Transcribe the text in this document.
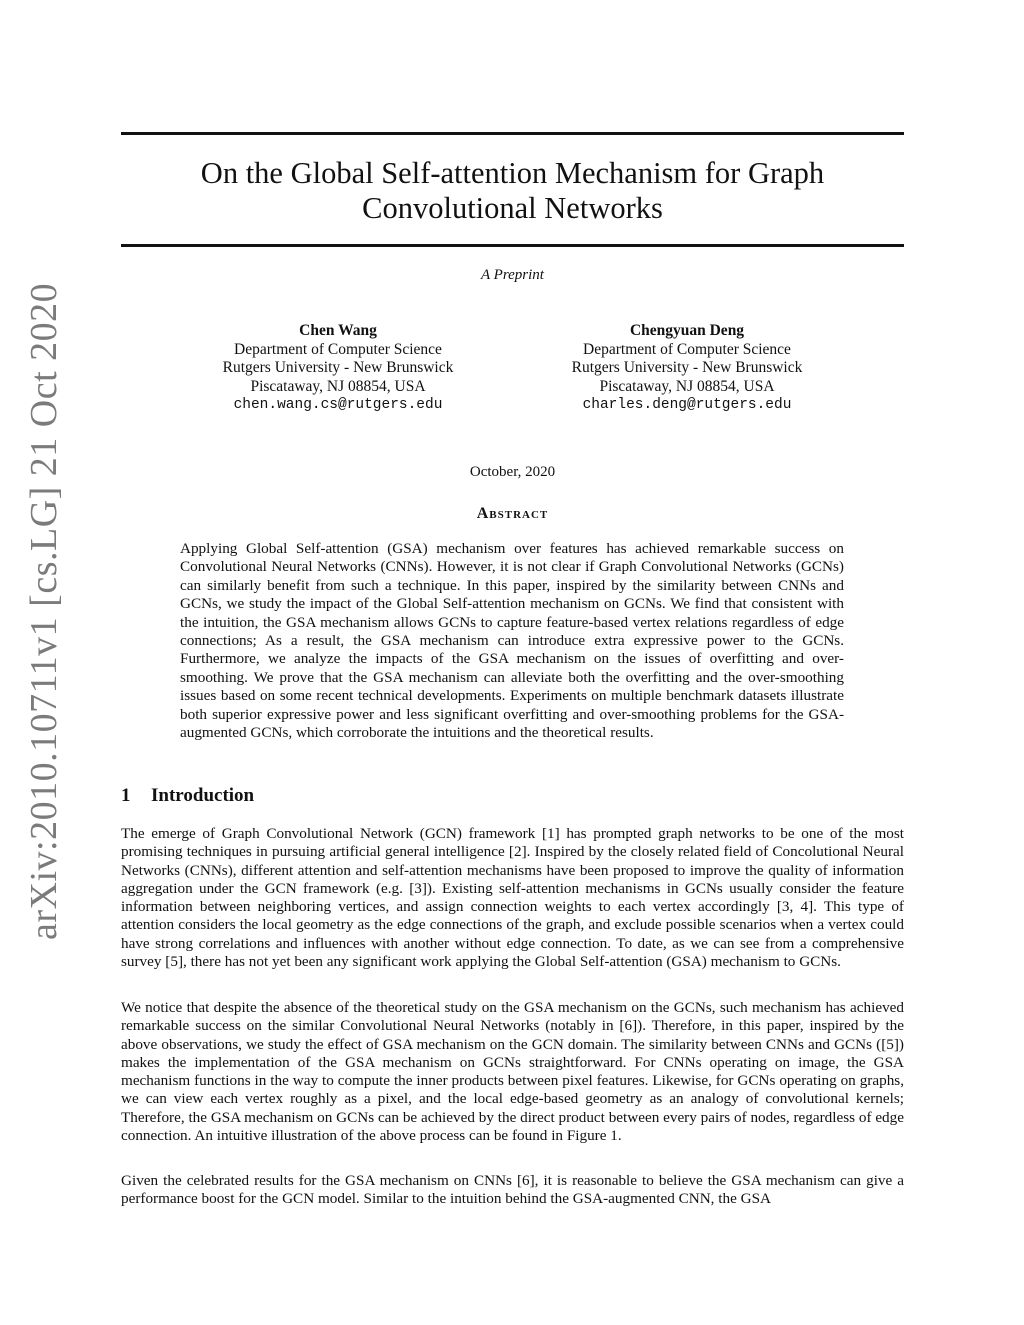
arXiv:2010.10711v1 [cs.LG] 21 Oct 2020
On the Global Self-attention Mechanism for Graph Convolutional Networks
A Preprint
Chen Wang
Department of Computer Science
Rutgers University - New Brunswick
Piscataway, NJ 08854, USA
chen.wang.cs@rutgers.edu
Chengyuan Deng
Department of Computer Science
Rutgers University - New Brunswick
Piscataway, NJ 08854, USA
charles.deng@rutgers.edu
October, 2020
Abstract
Applying Global Self-attention (GSA) mechanism over features has achieved remarkable success on Convolutional Neural Networks (CNNs). However, it is not clear if Graph Convolutional Networks (GCNs) can similarly benefit from such a technique. In this paper, inspired by the similarity between CNNs and GCNs, we study the impact of the Global Self-attention mechanism on GCNs. We find that consistent with the intuition, the GSA mechanism allows GCNs to capture feature-based vertex relations regardless of edge connections; As a result, the GSA mechanism can introduce extra expressive power to the GCNs. Furthermore, we analyze the impacts of the GSA mechanism on the issues of overfitting and over-smoothing. We prove that the GSA mechanism can alleviate both the overfitting and the over-smoothing issues based on some recent technical developments. Experiments on multiple benchmark datasets illustrate both superior expressive power and less significant overfitting and over-smoothing problems for the GSA-augmented GCNs, which corroborate the intuitions and the theoretical results.
1 Introduction
The emerge of Graph Convolutional Network (GCN) framework [1] has prompted graph networks to be one of the most promising techniques in pursuing artificial general intelligence [2]. Inspired by the closely related field of Concolutional Neural Networks (CNNs), different attention and self-attention mechanisms have been proposed to improve the quality of information aggregation under the GCN framework (e.g. [3]). Existing self-attention mechanisms in GCNs usually consider the feature information between neighboring vertices, and assign connection weights to each vertex accordingly [3, 4]. This type of attention considers the local geometry as the edge connections of the graph, and exclude possible scenarios when a vertex could have strong correlations and influences with another without edge connection. To date, as we can see from a comprehensive survey [5], there has not yet been any significant work applying the Global Self-attention (GSA) mechanism to GCNs.
We notice that despite the absence of the theoretical study on the GSA mechanism on the GCNs, such mechanism has achieved remarkable success on the similar Convolutional Neural Networks (notably in [6]). Therefore, in this paper, inspired by the above observations, we study the effect of GSA mechanism on the GCN domain. The similarity between CNNs and GCNs ([5]) makes the implementation of the GSA mechanism on GCNs straightforward. For CNNs operating on image, the GSA mechanism functions in the way to compute the inner products between pixel features. Likewise, for GCNs operating on graphs, we can view each vertex roughly as a pixel, and the local edge-based geometry as an analogy of convolutional kernels; Therefore, the GSA mechanism on GCNs can be achieved by the direct product between every pairs of nodes, regardless of edge connection. An intuitive illustration of the above process can be found in Figure 1.
Given the celebrated results for the GSA mechanism on CNNs [6], it is reasonable to believe the GSA mechanism can give a performance boost for the GCN model. Similar to the intuition behind the GSA-augmented CNN, the GSA
